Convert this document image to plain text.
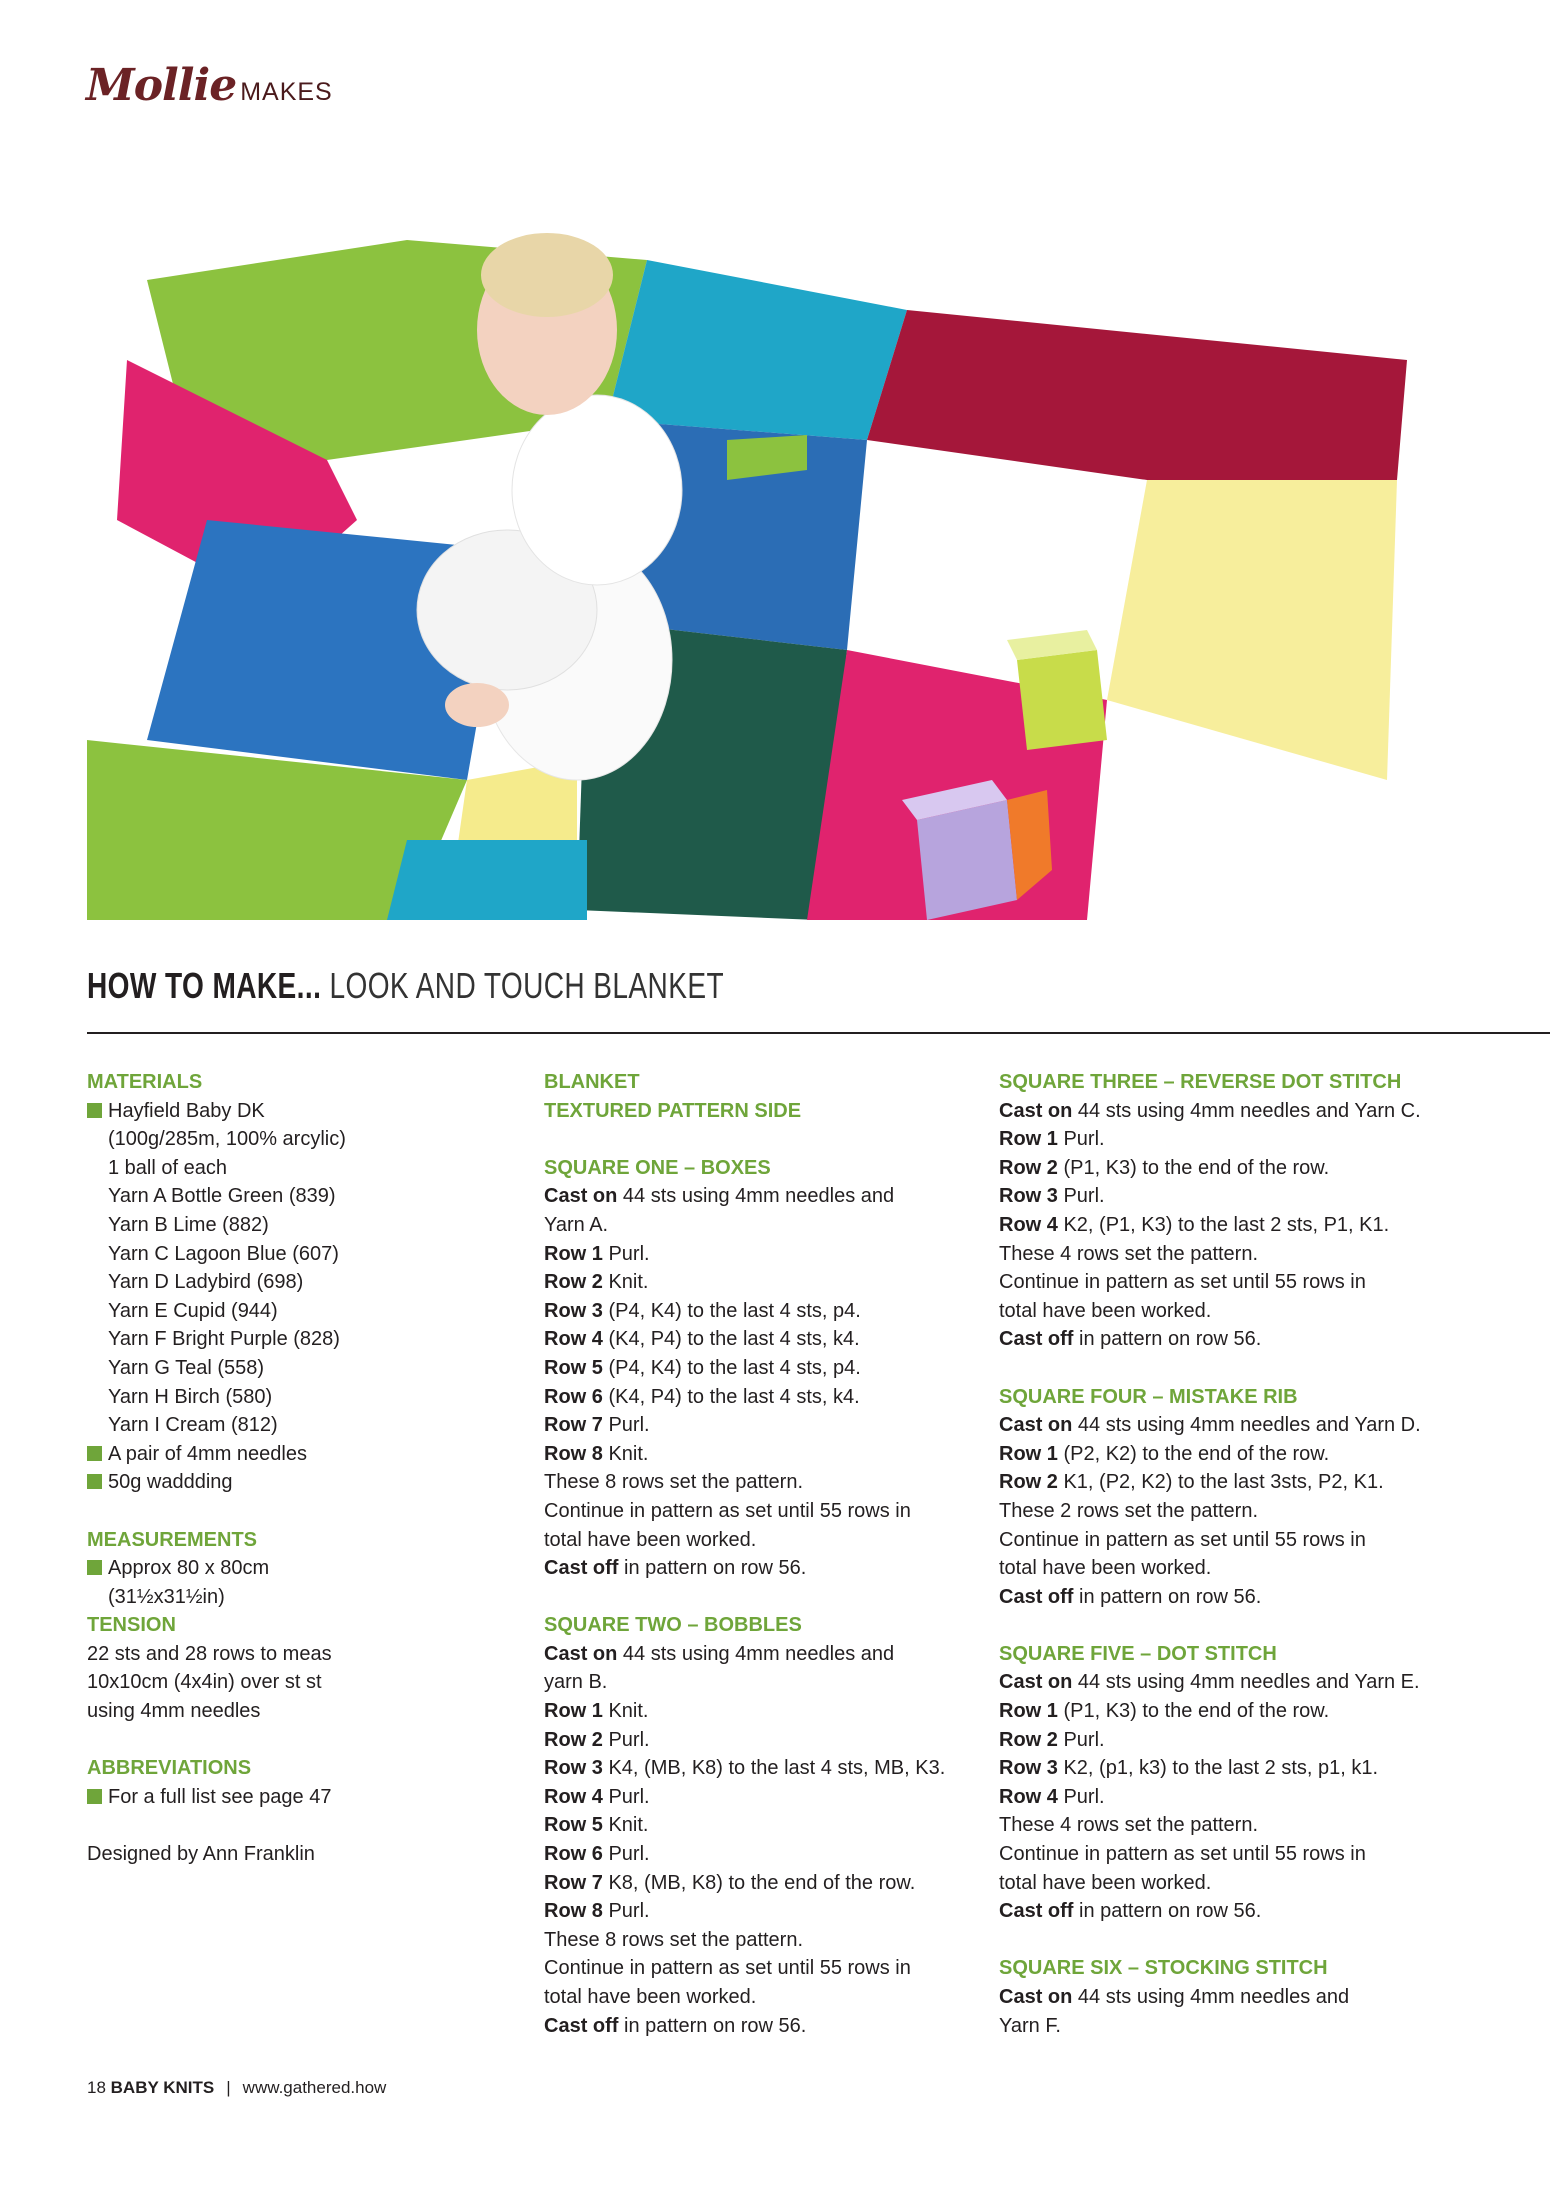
Mollie MAKES
HOW TO MAKE... LOOK AND TOUCH BLANKET

MATERIALS

Hayfield Baby DK

(100g/285m, 100% arcylic)

1 ball of each

Yarn A Bottle Green (839)

Yarn B Lime (882)

Yarn C Lagoon Blue (607)

Yarn D Ladybird (698)

Yarn E Cupid (944)

Yarn F Bright Purple (828)

Yarn G Teal (558)

Yarn H Birch (580)

Yarn I Cream (812)

A pair of 4mm needles

50g waddding

MEASUREMENTS

Approx 80 x 80cm

(31½x31½in)

TENSION

22 sts and 28 rows to meas

10x10cm (4x4in) over st st

using 4mm needles

ABBREVIATIONS

For a full list see page 47

Designed by Ann Franklin

BLANKET

TEXTURED PATTERN SIDE

SQUARE ONE – BOXES

Cast on 44 sts using 4mm needles and

Yarn A.

Row 1 Purl.

Row 2 Knit.

Row 3 (P4, K4) to the last 4 sts, p4.

Row 4 (K4, P4) to the last 4 sts, k4.

Row 5 (P4, K4) to the last 4 sts, p4.

Row 6 (K4, P4) to the last 4 sts, k4.

Row 7 Purl.

Row 8 Knit.

These 8 rows set the pattern.

Continue in pattern as set until 55 rows in

total have been worked.

Cast off in pattern on row 56.

SQUARE TWO – BOBBLES

Cast on 44 sts using 4mm needles and

yarn B.

Row 1 Knit.

Row 2 Purl.

Row 3 K4, (MB, K8) to the last 4 sts, MB, K3.

Row 4 Purl.

Row 5 Knit.

Row 6 Purl.

Row 7 K8, (MB, K8) to the end of the row.

Row 8 Purl.

These 8 rows set the pattern.

Continue in pattern as set until 55 rows in

total have been worked.

Cast off in pattern on row 56.

SQUARE THREE – REVERSE DOT STITCH

Cast on 44 sts using 4mm needles and Yarn C.

Row 1 Purl.

Row 2 (P1, K3) to the end of the row.

Row 3 Purl.

Row 4 K2, (P1, K3) to the last 2 sts, P1, K1.

These 4 rows set the pattern.

Continue in pattern as set until 55 rows in

total have been worked.

Cast off in pattern on row 56.

SQUARE FOUR – MISTAKE RIB

Cast on 44 sts using 4mm needles and Yarn D.

Row 1 (P2, K2) to the end of the row.

Row 2 K1, (P2, K2) to the last 3sts, P2, K1.

These 2 rows set the pattern.

Continue in pattern as set until 55 rows in

total have been worked.

Cast off in pattern on row 56.

SQUARE FIVE – DOT STITCH

Cast on 44 sts using 4mm needles and Yarn E.

Row 1 (P1, K3) to the end of the row.

Row 2 Purl.

Row 3 K2, (p1, k3) to the last 2 sts, p1, k1.

Row 4 Purl.

These 4 rows set the pattern.

Continue in pattern as set until 55 rows in

total have been worked.

Cast off in pattern on row 56.

SQUARE SIX – STOCKING STITCH

Cast on 44 sts using 4mm needles and

Yarn F.

18
BABY KNITS | www.gathered.how
